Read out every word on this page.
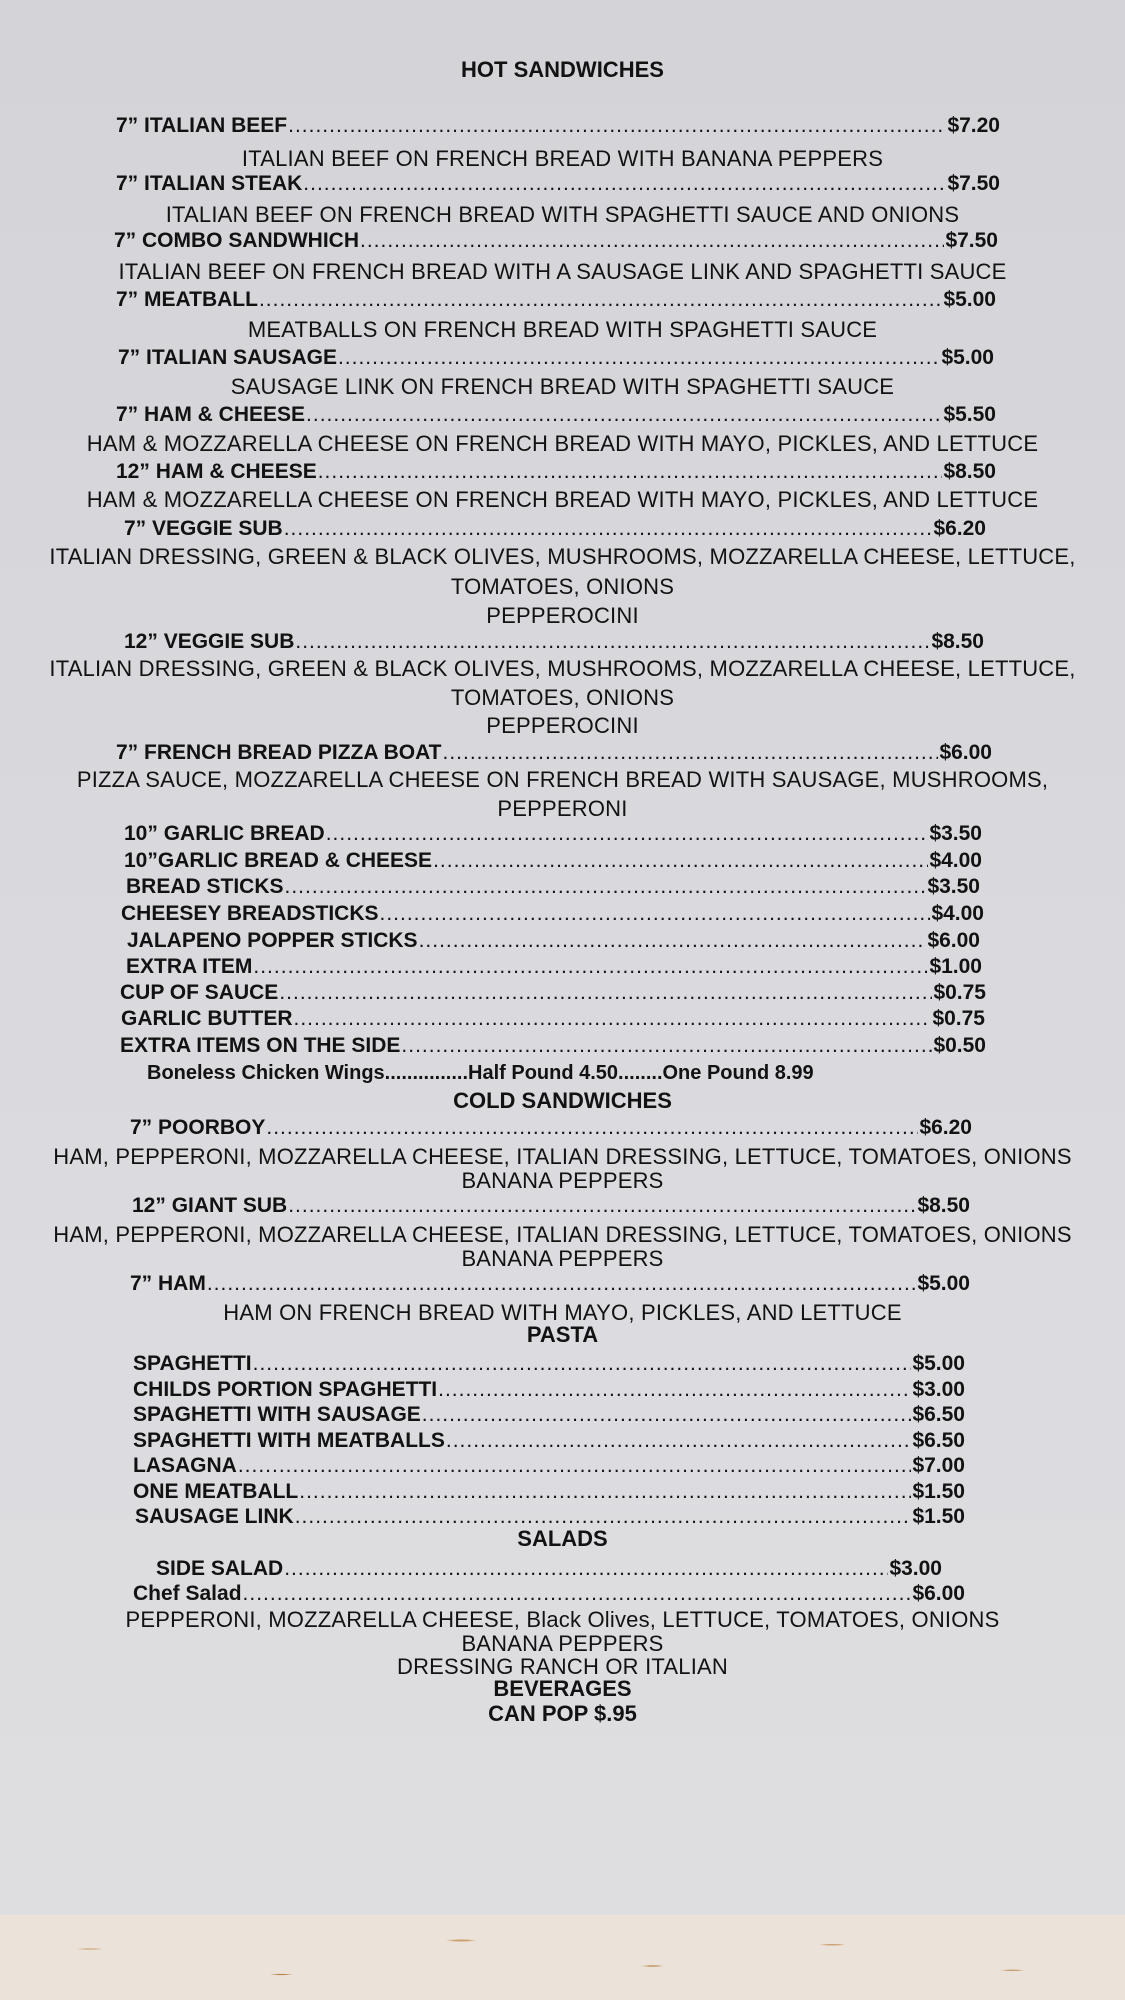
HOT SANDWICHES
7” ITALIAN BEEF .....	$7.20
ITALIAN BEEF ON FRENCH BREAD WITH BANANA PEPPERS
7” ITALIAN STEAK .....	$7.50
ITALIAN BEEF ON FRENCH BREAD WITH SPAGHETTI SAUCE AND ONIONS
7” COMBO SANDWHICH .....	$7.50
ITALIAN BEEF ON FRENCH BREAD WITH A SAUSAGE LINK AND SPAGHETTI SAUCE
7” MEATBALL .....	$5.00
MEATBALLS ON FRENCH BREAD WITH SPAGHETTI SAUCE
7” ITALIAN SAUSAGE .....	$5.00
SAUSAGE LINK ON FRENCH BREAD WITH SPAGHETTI SAUCE
7” HAM & CHEESE .....	$5.50
HAM & MOZZARELLA CHEESE ON FRENCH BREAD WITH MAYO, PICKLES, AND LETTUCE
12” HAM & CHEESE .....	$8.50
HAM & MOZZARELLA CHEESE ON FRENCH BREAD WITH MAYO, PICKLES, AND LETTUCE
7” VEGGIE SUB .....	$6.20
ITALIAN DRESSING, GREEN & BLACK OLIVES, MUSHROOMS, MOZZARELLA CHEESE, LETTUCE,
TOMATOES, ONIONS
PEPPEROCINI
12” VEGGIE SUB .....	$8.50
ITALIAN DRESSING, GREEN & BLACK OLIVES, MUSHROOMS, MOZZARELLA CHEESE, LETTUCE,
TOMATOES, ONIONS
PEPPEROCINI
7” FRENCH BREAD PIZZA BOAT .....	$6.00
PIZZA SAUCE, MOZZARELLA CHEESE ON FRENCH BREAD WITH SAUSAGE, MUSHROOMS,
PEPPERONI
10” GARLIC BREAD .....	$3.50
10”GARLIC BREAD & CHEESE .....	$4.00
BREAD STICKS .....	$3.50
CHEESEY BREADSTICKS .....	$4.00
JALAPENO POPPER STICKS .....	$6.00
EXTRA ITEM .....	$1.00
CUP OF SAUCE .....	$0.75
GARLIC BUTTER .....	$0.75
EXTRA ITEMS ON THE SIDE .....	$0.50
Boneless Chicken Wings .....	Half Pound 4.50 ........ One Pound 8.99
COLD SANDWICHES
7” POORBOY .....	$6.20
HAM, PEPPERONI, MOZZARELLA CHEESE, ITALIAN DRESSING, LETTUCE, TOMATOES, ONIONS
BANANA PEPPERS
12” GIANT SUB .....	$8.50
HAM, PEPPERONI, MOZZARELLA CHEESE, ITALIAN DRESSING, LETTUCE, TOMATOES, ONIONS
BANANA PEPPERS
7” HAM .....	$5.00
HAM ON FRENCH BREAD WITH MAYO, PICKLES, AND LETTUCE
PASTA
SPAGHETTI .....	$5.00
CHILDS PORTION SPAGHETTI .....	$3.00
SPAGHETTI WITH SAUSAGE .....	$6.50
SPAGHETTI WITH MEATBALLS .....	$6.50
LASAGNA .....	$7.00
ONE MEATBALL .....	$1.50
SAUSAGE LINK .....	$1.50
SALADS
SIDE SALAD .....	$3.00
Chef Salad .....	$6.00
PEPPERONI, MOZZARELLA CHEESE, Black Olives, LETTUCE, TOMATOES, ONIONS
BANANA PEPPERS
DRESSING RANCH OR ITALIAN
BEVERAGES
CAN POP $.95
